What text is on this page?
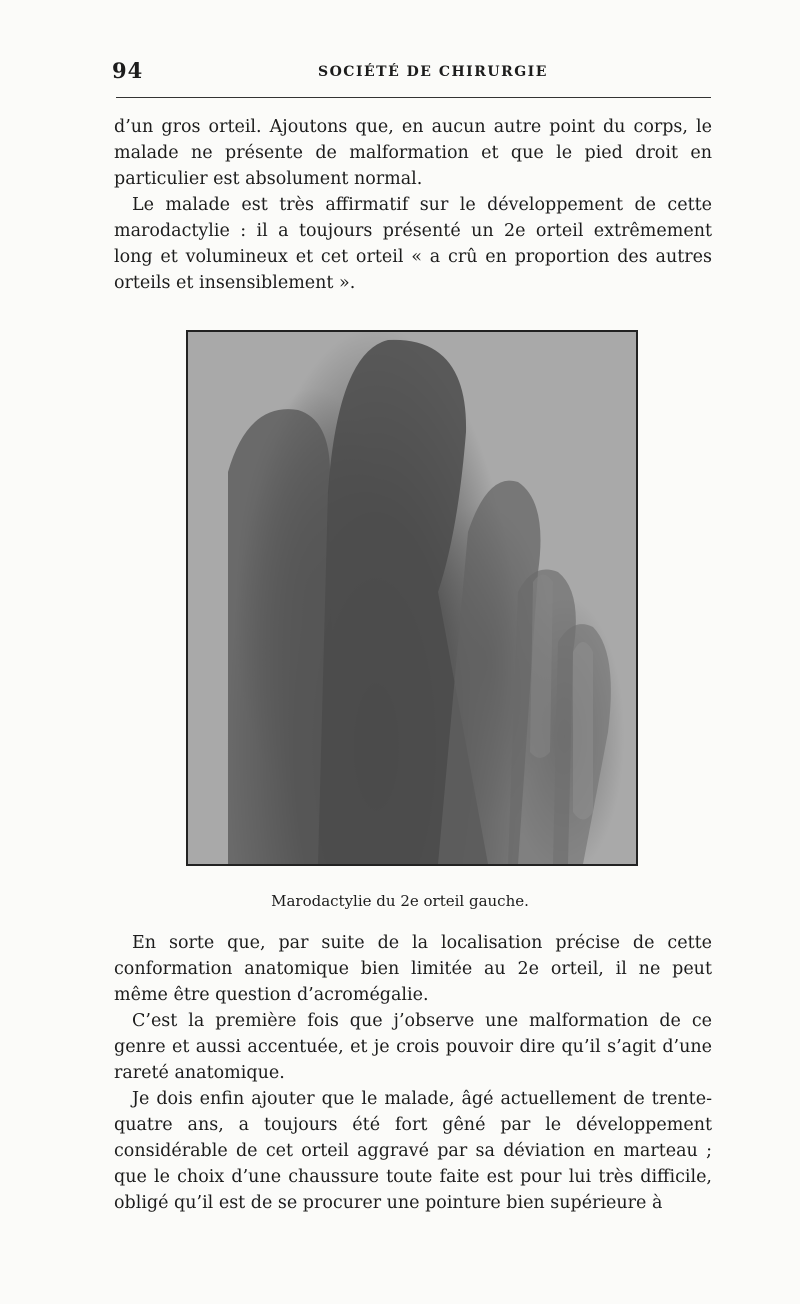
94	SOCIÉTÉ DE CHIRURGIE

d’un gros orteil. Ajoutons que, en aucun autre point du corps, le malade ne présente de malformation et que le pied droit en particulier est absolument normal.

Le malade est très affirmatif sur le développement de cette marodactylie : il a toujours présenté un 2e orteil extrêmement long et volumineux et cet orteil « a crû en proportion des autres orteils et insensiblement ».

Marodactylie du 2e orteil gauche.

En sorte que, par suite de la localisation précise de cette conformation anatomique bien limitée au 2e orteil, il ne peut même être question d’acromégalie.

C’est la première fois que j’observe une malformation de ce genre et aussi accentuée, et je crois pouvoir dire qu’il s’agit d’une rareté anatomique.

Je dois enfin ajouter que le malade, âgé actuellement de trente-quatre ans, a toujours été fort gêné par le développement considérable de cet orteil aggravé par sa déviation en marteau ; que le choix d’une chaussure toute faite est pour lui très difficile, obligé qu’il est de se procurer une pointure bien supérieure à
